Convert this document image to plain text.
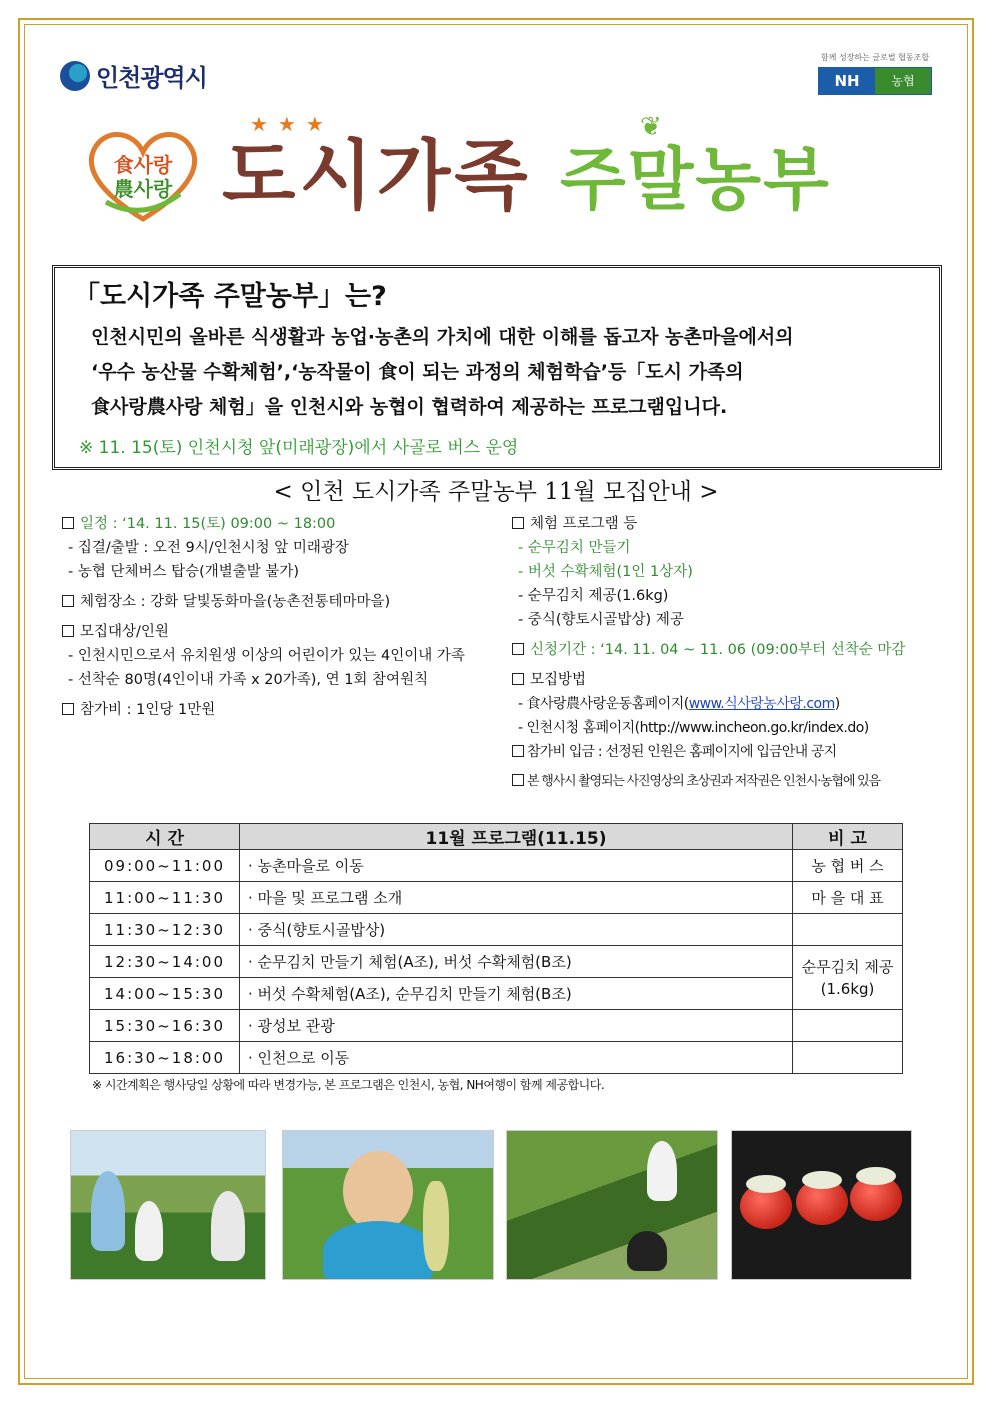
인천광역시
함께 성장하는 글로벌 협동조합
NH	농협
食사랑
農사랑
★★★
도시가족
❦
주말농부
「도시가족 주말농부」는?
인천시민의 올바른 식생활과 농업·농촌의 가치에 대한 이해를 돕고자 농촌마을에서의
‘우수 농산물 수확체험’,‘농작물이 食이 되는 과정의 체험학습’등「도시 가족의
食사랑農사랑 체험」을 인천시와 농협이 협력하여 제공하는 프로그램입니다.
※ 11. 15(토) 인천시청 앞(미래광장)에서 사골로 버스 운영
< 인천 도시가족 주말농부 11월 모집안내 >
일정 : ‘14. 11. 15(토) 09:00 ~ 18:00
- 집결/출발 : 오전 9시/인천시청 앞 미래광장
- 농협 단체버스 탑승(개별출발 불가)
체험장소 : 강화 달빛동화마을(농촌전통테마마을)
모집대상/인원
- 인천시민으로서 유치원생 이상의 어린이가 있는 4인이내 가족
- 선착순 80명(4인이내 가족 x 20가족), 연 1회 참여원칙
참가비 : 1인당 1만원
체험 프로그램 등
- 순무김치 만들기
- 버섯 수확체험(1인 1상자)
- 순무김치 제공(1.6kg)
- 중식(향토시골밥상) 제공
신청기간 : ‘14. 11. 04 ~ 11. 06 (09:00부터 선착순 마감
모집방법
- 食사랑農사랑운동홈페이지(www.식사랑농사랑.com)
- 인천시청 홈페이지(http://www.incheon.go.kr/index.do)
참가비 입금 : 선정된 인원은 홈페이지에 입금안내 공지
본 행사시 촬영되는 사진영상의 초상권과 저작권은 인천시·농협에 있음
시 간	11월 프로그램(11.15)	비 고
09:00~11:00	· 농촌마을로 이동	농 협 버 스
11:00~11:30	· 마을 및 프로그램 소개	마 을 대 표
11:30~12:30	· 중식(향토시골밥상)	
12:30~14:00	· 순무김치 만들기 체험(A조), 버섯 수확체험(B조)	순무김치 제공
(1.6kg)

14:00~15:30	· 버섯 수확체험(A조), 순무김치 만들기 체험(B조)	
15:30~16:30	· 광성보 관광	
16:30~18:00	· 인천으로 이동	
※ 시간계획은 행사당일 상황에 따라 변경가능, 본 프로그램은 인천시, 농협, NH여행이 함께 제공합니다.
